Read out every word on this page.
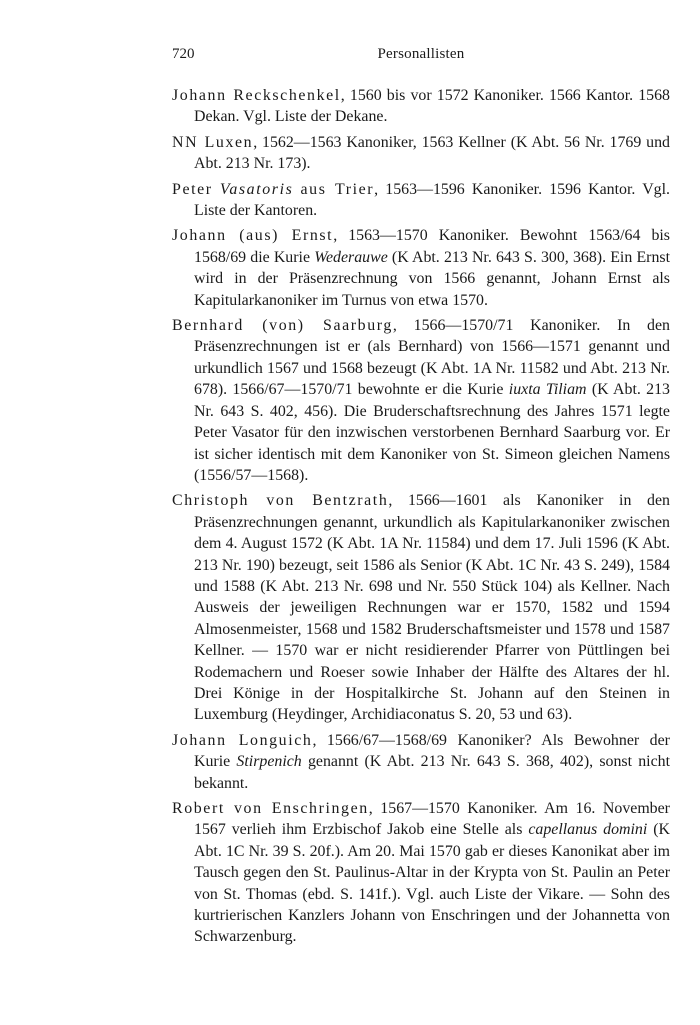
720	Personallisten

Johann Reckschenkel, 1560 bis vor 1572 Kanoniker. 1566 Kantor. 1568 Dekan. Vgl. Liste der Dekane.

NN Luxen, 1562—1563 Kanoniker, 1563 Kellner (K Abt. 56 Nr. 1769 und Abt. 213 Nr. 173).

Peter Vasatoris aus Trier, 1563—1596 Kanoniker. 1596 Kantor. Vgl. Liste der Kantoren.

Johann (aus) Ernst, 1563—1570 Kanoniker. Bewohnt 1563/64 bis 1568/69 die Kurie Wederauwe (K Abt. 213 Nr. 643 S. 300, 368). Ein Ernst wird in der Präsenzrechnung von 1566 genannt, Johann Ernst als Kapitularkanoniker im Turnus von etwa 1570.

Bernhard (von) Saarburg, 1566—1570/71 Kanoniker. In den Präsenzrechnungen ist er (als Bernhard) von 1566—1571 genannt und urkundlich 1567 und 1568 bezeugt (K Abt. 1A Nr. 11582 und Abt. 213 Nr. 678). 1566/67—1570/71 bewohnte er die Kurie iuxta Tiliam (K Abt. 213 Nr. 643 S. 402, 456). Die Bruderschaftsrechnung des Jahres 1571 legte Peter Vasator für den inzwischen verstorbenen Bernhard Saarburg vor. Er ist sicher identisch mit dem Kanoniker von St. Simeon gleichen Namens (1556/57—1568).

Christoph von Bentzrath, 1566—1601 als Kanoniker in den Präsenzrechnungen genannt, urkundlich als Kapitularkanoniker zwischen dem 4. August 1572 (K Abt. 1A Nr. 11584) und dem 17. Juli 1596 (K Abt. 213 Nr. 190) bezeugt, seit 1586 als Senior (K Abt. 1C Nr. 43 S. 249), 1584 und 1588 (K Abt. 213 Nr. 698 und Nr. 550 Stück 104) als Kellner. Nach Ausweis der jeweiligen Rechnungen war er 1570, 1582 und 1594 Almosenmeister, 1568 und 1582 Bruderschaftsmeister und 1578 und 1587 Kellner. — 1570 war er nicht residierender Pfarrer von Püttlingen bei Rodemachern und Roeser sowie Inhaber der Hälfte des Altares der hl. Drei Könige in der Hospitalkirche St. Johann auf den Steinen in Luxemburg (Heydinger, Archidiaconatus S. 20, 53 und 63).

Johann Longuich, 1566/67—1568/69 Kanoniker? Als Bewohner der Kurie Stirpenich genannt (K Abt. 213 Nr. 643 S. 368, 402), sonst nicht bekannt.

Robert von Enschringen, 1567—1570 Kanoniker. Am 16. November 1567 verlieh ihm Erzbischof Jakob eine Stelle als capellanus domini (K Abt. 1C Nr. 39 S. 20f.). Am 20. Mai 1570 gab er dieses Kanonikat aber im Tausch gegen den St. Paulinus-Altar in der Krypta von St. Paulin an Peter von St. Thomas (ebd. S. 141f.). Vgl. auch Liste der Vikare. — Sohn des kurtrierischen Kanzlers Johann von Enschringen und der Johannetta von Schwarzenburg.
